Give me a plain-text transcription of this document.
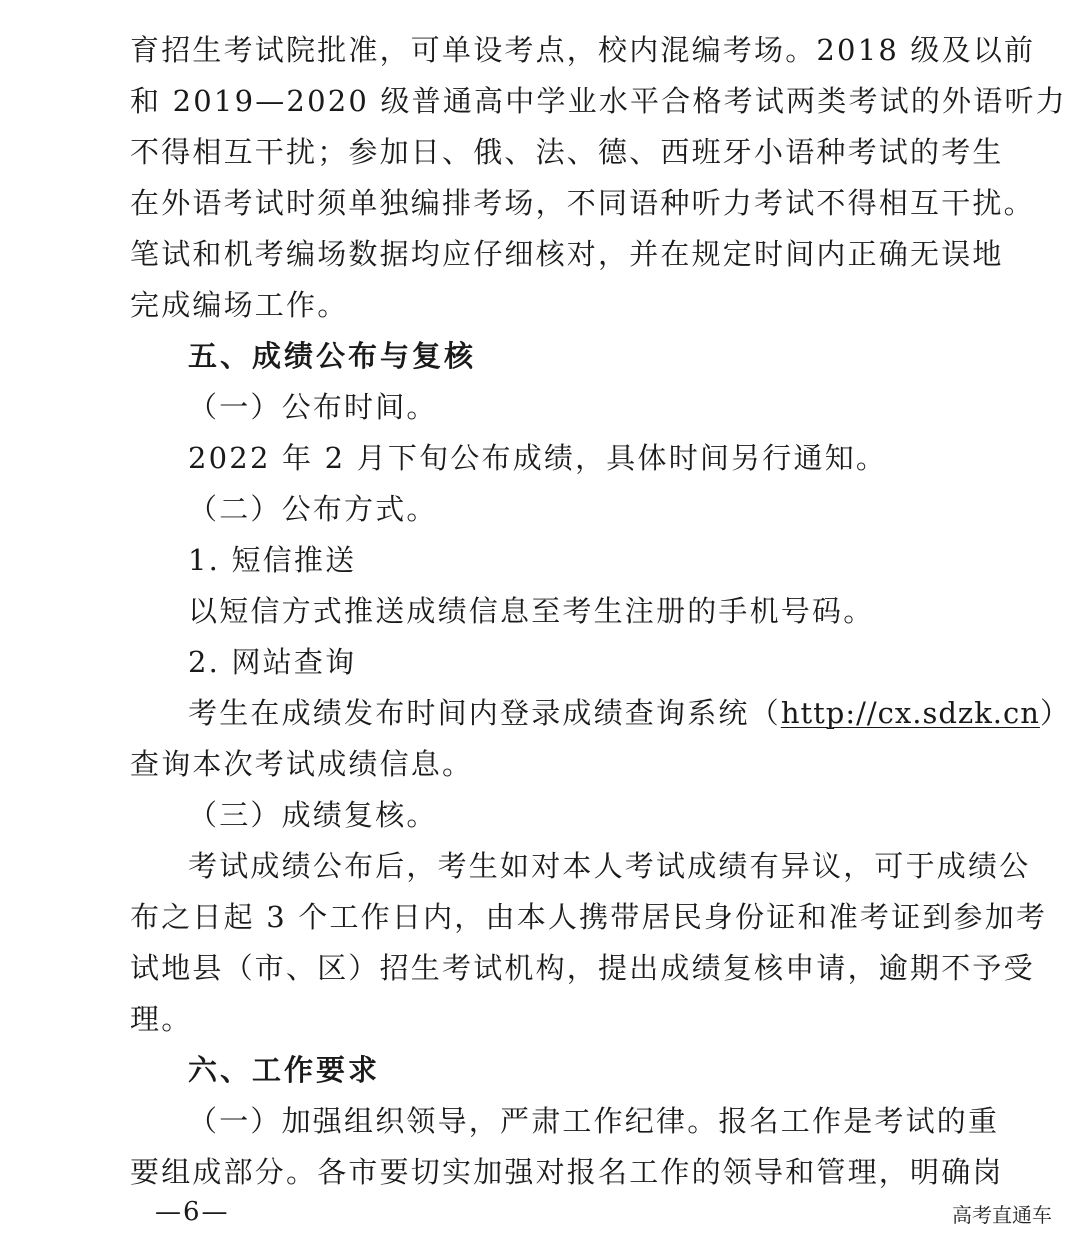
育招生考试院批准，可单设考点，校内混编考场。2018 级及以前
和 2019—2020 级普通高中学业水平合格考试两类考试的外语听力
不得相互干扰；参加日、俄、法、德、西班牙小语种考试的考生
在外语考试时须单独编排考场，不同语种听力考试不得相互干扰。
笔试和机考编场数据均应仔细核对，并在规定时间内正确无误地
完成编场工作。
五、成绩公布与复核
（一）公布时间。
2022 年 2 月下旬公布成绩，具体时间另行通知。
（二）公布方式。
1. 短信推送
以短信方式推送成绩信息至考生注册的手机号码。
2. 网站查询
考生在成绩发布时间内登录成绩查询系统（http://cx.sdzk.cn）
查询本次考试成绩信息。
（三）成绩复核。
考试成绩公布后，考生如对本人考试成绩有异议，可于成绩公
布之日起 3 个工作日内，由本人携带居民身份证和准考证到参加考
试地县（市、区）招生考试机构，提出成绩复核申请，逾期不予受
理。
六、工作要求
（一）加强组织领导，严肃工作纪律。报名工作是考试的重
要组成部分。各市要切实加强对报名工作的领导和管理，明确岗
—6—	高考直通车
